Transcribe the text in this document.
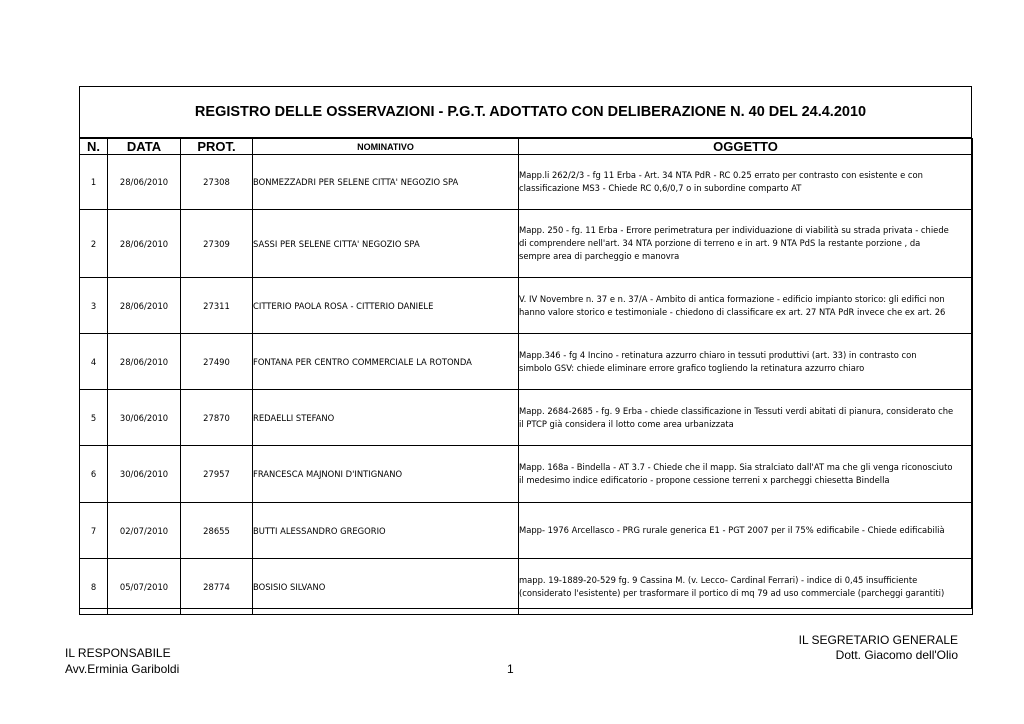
REGISTRO DELLE OSSERVAZIONI - P.G.T. ADOTTATO CON DELIBERAZIONE N. 40 DEL 24.4.2010
N.	DATA	PROT.	NOMINATIVO	OGGETTO
1	28/06/2010	27308	BONMEZZADRI PER SELENE CITTA' NEGOZIO SPA	Mapp.li 262/2/3 - fg 11 Erba - Art. 34 NTA PdR - RC 0.25 errato per contrasto con esistente e con
classificazione MS3 - Chiede RC 0,6/0,7 o in subordine comparto AT

2	28/06/2010	27309	SASSI PER SELENE CITTA' NEGOZIO SPA	Mapp. 250 - fg. 11 Erba - Errore perimetratura per individuazione di viabilità su strada privata - chiede
di comprendere nell'art. 34 NTA porzione di terreno e in art. 9 NTA PdS la restante porzione , da
sempre area di parcheggio e manovra

3	28/06/2010	27311	CITTERIO PAOLA ROSA - CITTERIO DANIELE	V. IV Novembre n. 37 e n. 37/A - Ambito di antica formazione - edificio impianto storico: gli edifici non
hanno valore storico e testimoniale - chiedono di classificare ex art. 27 NTA PdR invece che ex art. 26

4	28/06/2010	27490	FONTANA PER CENTRO COMMERCIALE LA ROTONDA	Mapp.346 - fg 4 Incino - retinatura azzurro chiaro in tessuti produttivi (art. 33) in contrasto con
simbolo GSV: chiede eliminare errore grafico togliendo la retinatura azzurro chiaro

5	30/06/2010	27870	REDAELLI STEFANO	Mapp. 2684-2685 - fg. 9 Erba - chiede classificazione in Tessuti verdi abitati di pianura, considerato che
il PTCP già considera il lotto come area urbanizzata

6	30/06/2010	27957	FRANCESCA MAJNONI D'INTIGNANO	Mapp. 168a - Bindella - AT 3.7 - Chiede che il mapp. Sia stralciato dall'AT ma che gli venga riconosciuto
il medesimo indice edificatorio - propone cessione terreni x parcheggi chiesetta Bindella

7	02/07/2010	28655	BUTTI ALESSANDRO GREGORIO	Mapp- 1976 Arcellasco - PRG rurale generica E1 - PGT 2007 per il 75% edificabile - Chiede edificabilià

8	05/07/2010	28774	BOSISIO SILVANO	mapp. 19-1889-20-529 fg. 9 Cassina M. (v. Lecco- Cardinal Ferrari) - indice di 0,45 insufficiente
(considerato l'esistente) per trasformare il portico di mq 79 ad uso commerciale (parcheggi garantiti)
IL RESPONSABILE
Avv.Erminia Gariboldi	1
IL SEGRETARIO GENERALE
Dott. Giacomo dell'Olio
